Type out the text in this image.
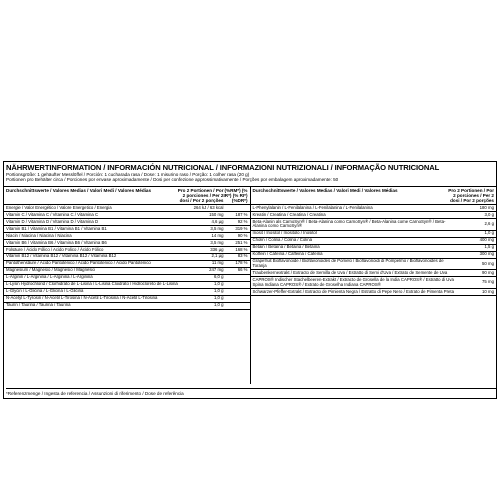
NÄHRWERTINFORMATION / INFORMACIÓN NUTRICIONAL / INFORMAZIONI NUTRIZIONALI / INFORMAÇÃO NUTRICIONAL
Portionsgröße: 1 gehäufter Messlöffel / Porción: 1 cucharada rasa / Dose: 1 misurino raso / Porção: 1 colher rasa (20 g)
Portionen pro Behälter circa / Porciones por envase aproximadamente / Dosi per confezione approssimativamente / Porções por embalagem aproximadamente: 50
Durchschnittswerte / Valores Medias / Valori Medi / Valores Médias	Pro 2 Portionen / Por 2 porciones / Per 2 dosi / Por 2 porções
(%RM*) (% IR*) (% RI*) (%DR*)
Energie / Valor Energético / Valore Energetico / Energia	264 kJ / 63 kcal
Vitamin C / Vitamina C / Vitamina C / Vitamina C	150 mg	187 %
Vitamin D / Vitamina D / Vitamina D / Vitamina D	4,6 µg	92 %
Vitamin B1 / Vitamina B1 / Vitamina B1 / Vitamina B1	3,5 mg	319 %
Niacin / Niacina / Niacina / Niacina	14 mg	90 %
Vitamin B6 / Vitamina B6 / Vitamina B6 / Vitamina B6	3,5 mg	251 %
Folsäure / Ácido Fólico / Acido Folico / Ácido Fólico	336 µg	168 %
Vitamin B12 / Vitamina B12 / Vitamina B12 / Vitamina B12	2,1 µg	83 %
Pantothensäure / Ácido Pantoténico / Acido Pantotenico / Ácido Pantoténico	11 mg	178 %
Magnesium / Magnesio / Magnesio / Magnésio	247 mg	66 %
L-Arginin / L-Arginina / L-Arginina / L-Arginina	6,0 g
L-Lysin Hydrochlorid / Clorhidrato de L-Lisina / L-Lisina Cloidrato / Hidrocloreto de L-Lisina	1,0 g
L-Glycin / L-Glicina / L-Glicina / L-Glicina	1,0 g
N-Acetyl L-Tyrosin / N-Acetil L-Tirosina / N-Acetil L-Tirosina / N-Acetil L-Tirosina	1,0 g
Taurin / Taurina / Taurina / Taurina	1,0 g
Durchschnittswerte / Valores Medias / Valori Medi / Valores Médias	Pro 2 Portionen / Por 2 porciones / Per 2 dosi / Por 2 porções
L-Phenylalanin / L-Fenilalanina / L-Fenilalanina / L-Fenilalanina	180 mg
Kreatin / Creatina / Creatina / Creatina	3,0 g
Beta-Alanin als CarnoSyn® / Beta-Alanina como CarnoSyn® / Beta-Alanina come CarnoSyn® / Beta-Alanina como CarnoSyn®	2,6 g
Inosit / Inositol / Inositolo / Inositol	1,0 g
Cholin / Colina / Colina / Colina	400 mg
Betain / Betaína / Betaina / Betaína	1,5 g
Koffein / Cafeína / Caffeina / Cafeína	300 mg
Grapefruit Bioflavonoide / Bioflavonoides de Pomelo / Bioflavonoidi di Pompelmo / Bioflavonoides de Toranja	50 mg
Traubenkernextrakt / Extracto de Semilla de Uva / Estratto di Semi d'Uva / Extrato de Semente de Uva	90 mg
CAPROS® Indischer Stachelbeeren-Extrakt / Extracto de Grosella de la India CAPROS® / Estratto di Uva Spina Indiana CAPROS® / Extrato de Groselha Indiana CAPROS®	75 mg
Schwarzer-Pfeffer-Extrakt / Extracto de Pimienta Negra / Estratto di Pepe Nero / Extrato de Pimenta Preta	10 mg
*Referenzmenge / Ingesta de referencia / Assunzioni di riferimento / Dose de referência
